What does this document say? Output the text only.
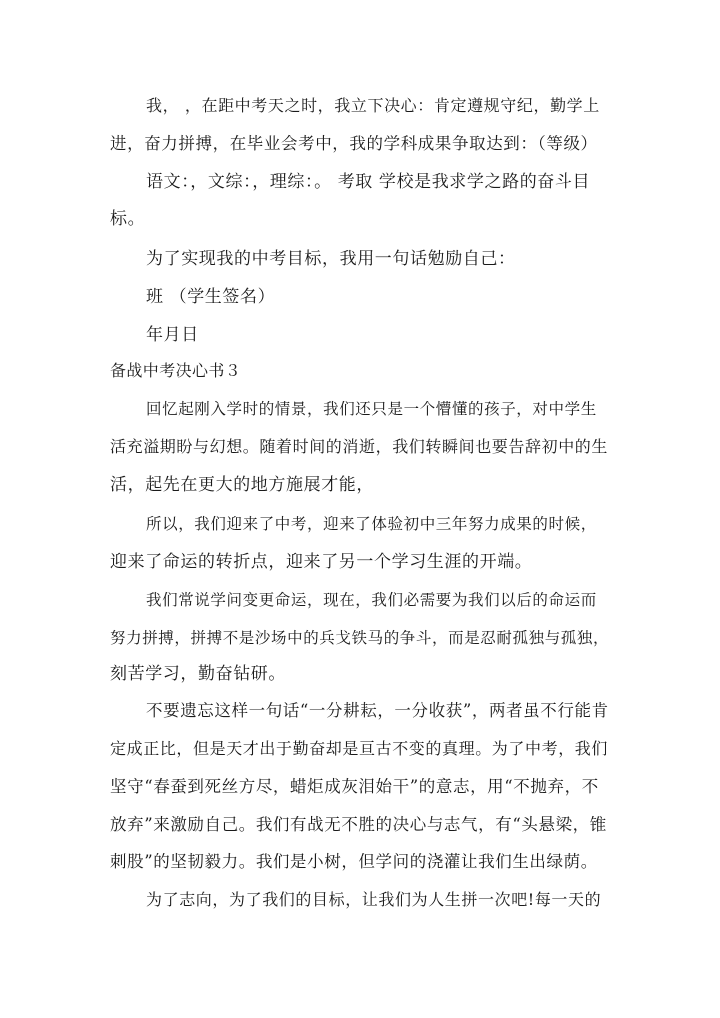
我， ，在距中考天之时，我立下决心：肯定遵规守纪，勤学上
进，奋力拼搏，在毕业会考中，我的学科成果争取达到：（等级）
语文：，文综：，理综：。 考取 学校是我求学之路的奋斗目
标。
为了实现我的中考目标，我用一句话勉励自己：
班 （学生签名）
年月日
备战中考决心书３
回忆起刚入学时的情景，我们还只是一个懵懂的孩子，对中学生
活充溢期盼与幻想。随着时间的消逝，我们转瞬间也要告辞初中的生
活，起先在更大的地方施展才能，
所以，我们迎来了中考，迎来了体验初中三年努力成果的时候，
迎来了命运的转折点，迎来了另一个学习生涯的开端。
我们常说学问变更命运，现在，我们必需要为我们以后的命运而
努力拼搏，拼搏不是沙场中的兵戈铁马的争斗，而是忍耐孤独与孤独，
刻苦学习，勤奋钻研。
不要遗忘这样一句话“一分耕耘，一分收获”，两者虽不行能肯
定成正比，但是天才出于勤奋却是亘古不变的真理。为了中考，我们
坚守“春蚕到死丝方尽，蜡炬成灰泪始干”的意志，用“不抛弃，不
放弃”来激励自己。我们有战无不胜的决心与志气，有“头悬梁，锥
刺股”的坚韧毅力。我们是小树，但学问的浇灌让我们生出绿荫。
为了志向，为了我们的目标，让我们为人生拼一次吧!每一天的
